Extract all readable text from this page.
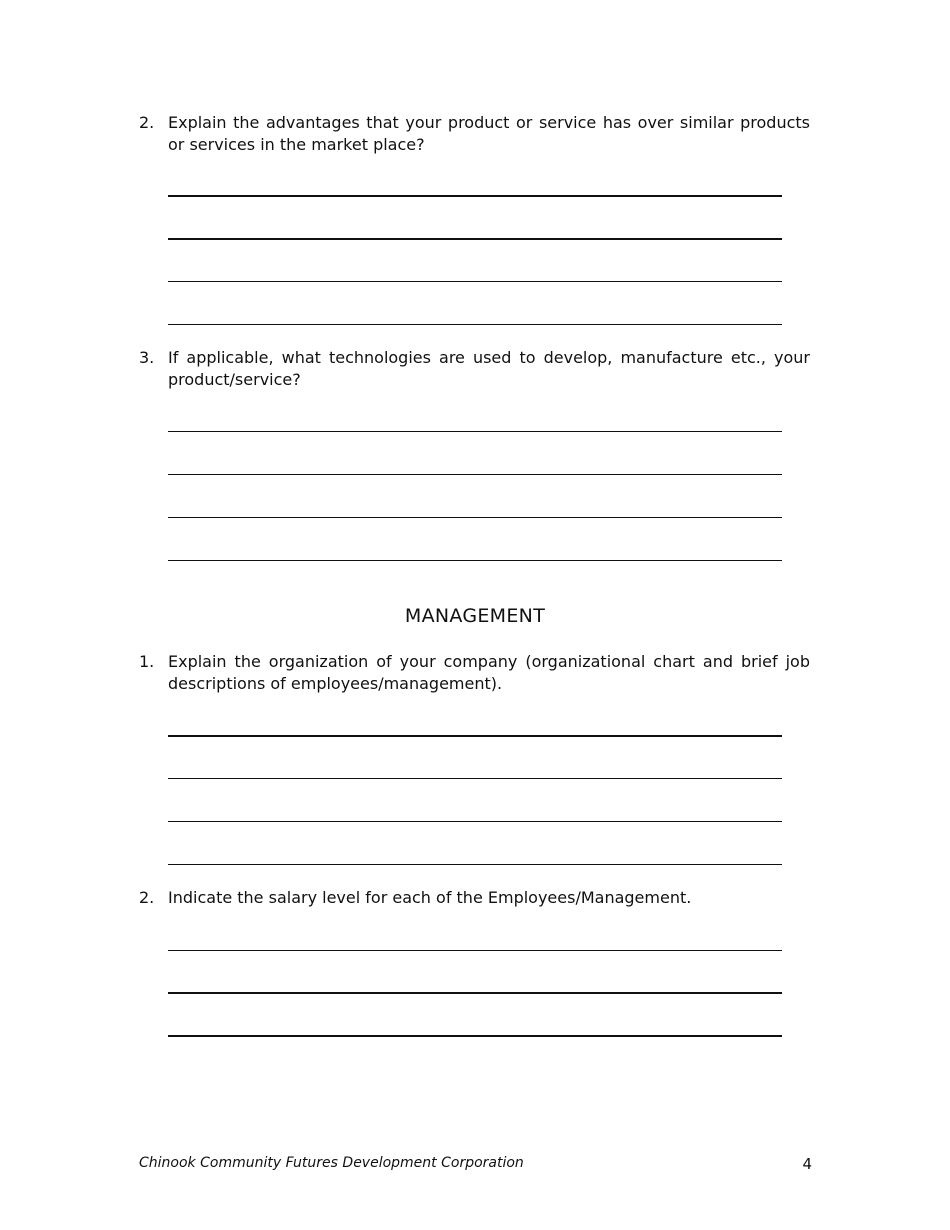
2. Explain the advantages that your product or service has over similar products or services in the market place?
3. If applicable, what technologies are used to develop, manufacture etc., your product/service?
MANAGEMENT
1. Explain the organization of your company (organizational chart and brief job descriptions of employees/management).
2. Indicate the salary level for each of the Employees/Management.
Chinook Community Futures Development Corporation	4
